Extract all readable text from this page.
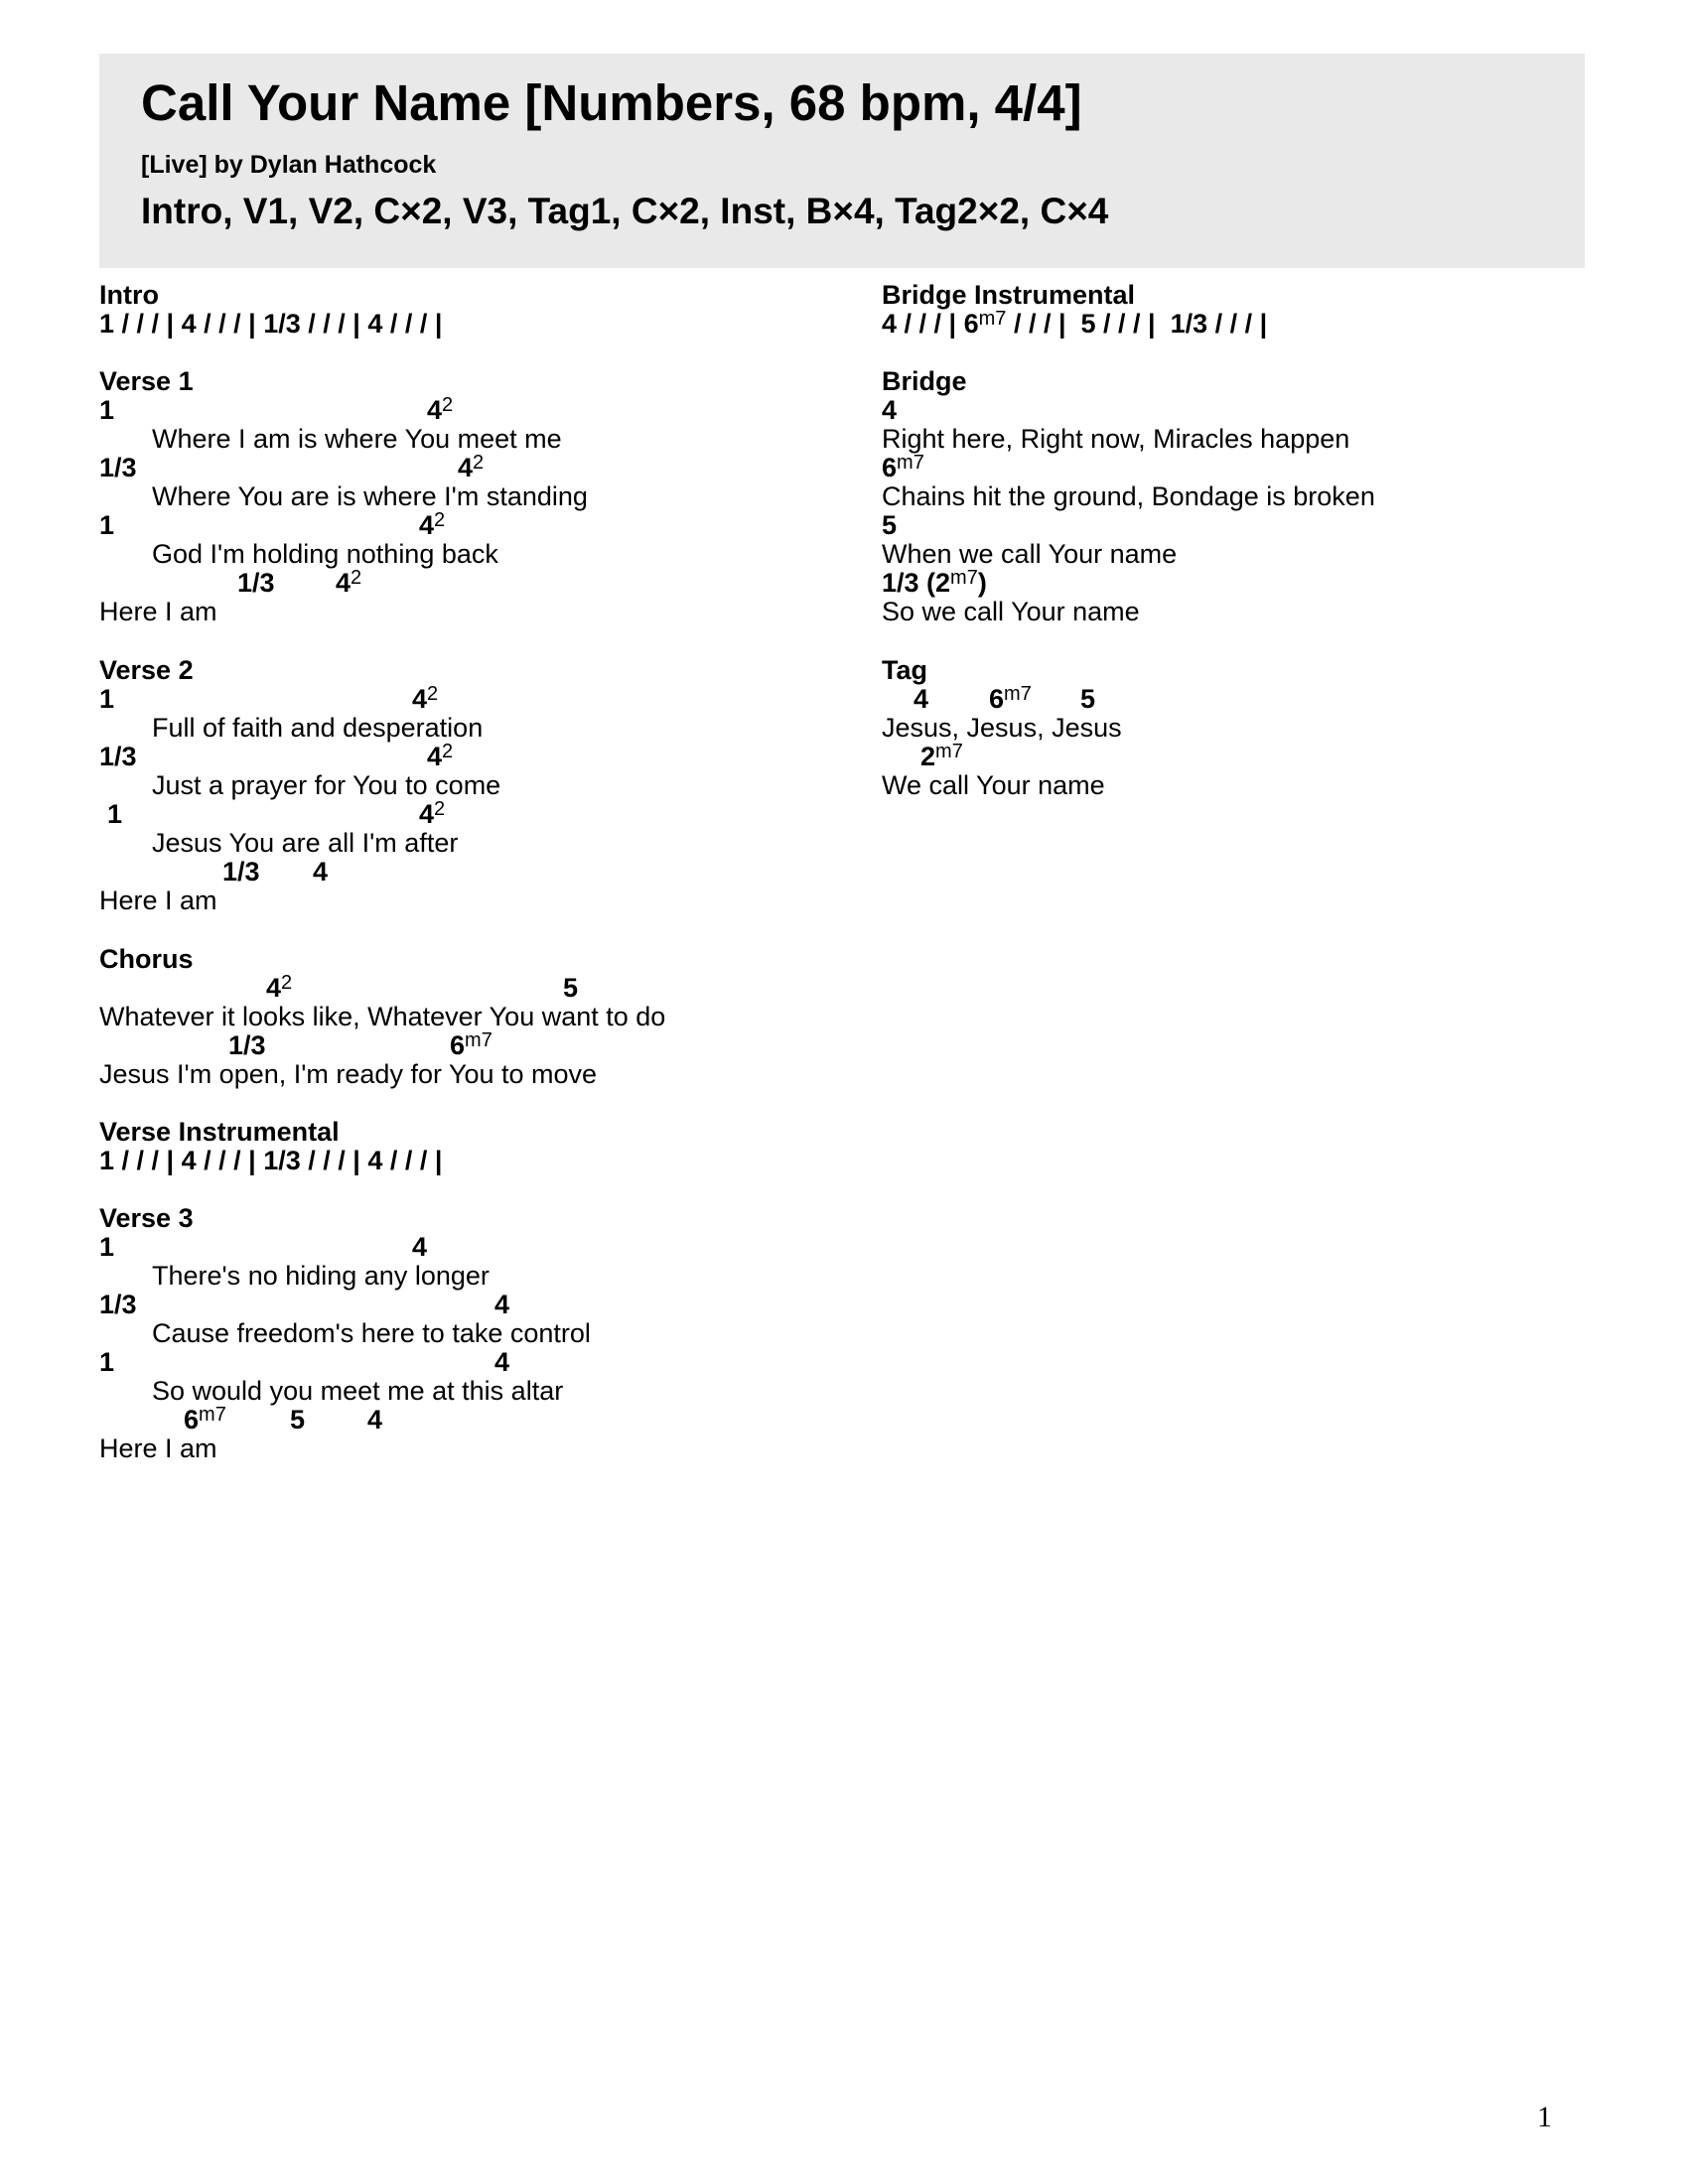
Call Your Name [Numbers, 68 bpm, 4/4]
[Live] by Dylan Hathcock
Intro, V1, V2, C×2, V3, Tag1, C×2, Inst, B×4, Tag2×2, C×4
Intro
1 / / / | 4 / / / | 1/3 / / / | 4 / / / |
Verse 1
1	$4^2$
Where I am is where You meet me
1/3	$4^2$
Where You are is where I'm standing
1	$4^2$
God I'm holding nothing back
1/3 $4^2$
Here I am
Verse 2
1	$4^2$
Full of faith and desperation
1/3	$4^2$
Just a prayer for You to come
1	$4^2$
Jesus You are all I'm after
1/3 4
Here I am
Chorus
$4^2$	5
Whatever it looks like, Whatever You want to do
1/3	$6^{m7}$
Jesus I'm open, I'm ready for You to move
Verse Instrumental
1 / / / | 4 / / / | 1/3 / / / | 4 / / / |
Verse 3
1	4
There's no hiding any longer
1/3	4
Cause freedom's here to take control
1	4
So would you meet me at this altar
$6^{m7}$ 5 4
Here I am
Bridge Instrumental
4 / / / | $6^{m7}$ / / / |  5 / / / |  1/3 / / / |
Bridge
4
Right here, Right now, Miracles happen
$6^{m7}$
Chains hit the ground, Bondage is broken
5
When we call Your name
1/3 $(2^{m7})$
So we call Your name
Tag
4 $6^{m7}$ 5
Jesus, Jesus, Jesus
$2^{m7}$
We call Your name
1
